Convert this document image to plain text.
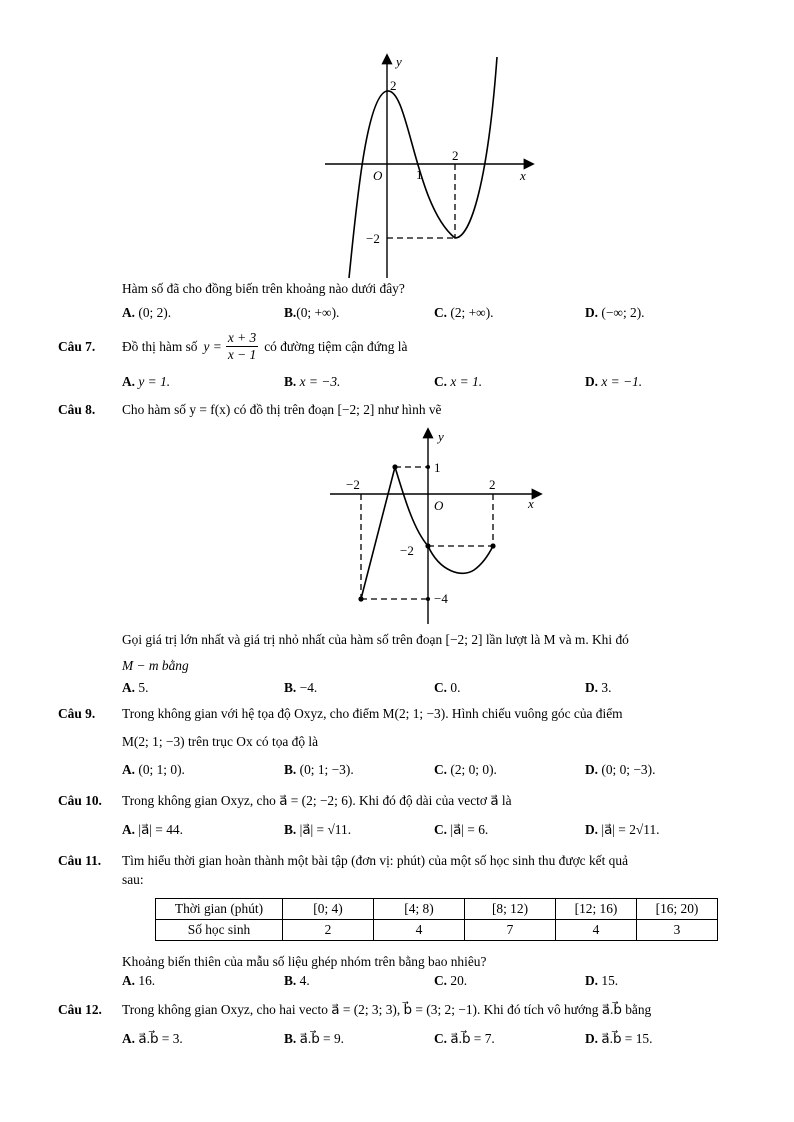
y
x
O	1
2
2
−2
Hàm số đã cho đồng biến trên khoảng nào dưới đây?
A. (0; 2).	B.(0; +∞).	C. (2; +∞).	D. (−∞; 2).
Câu 7. Đồ thị hàm số $y = \frac{x + 3}{x - 1}$ có đường tiệm cận đứng là
A. y = 1.	B. x = −3.	C. x = 1.	D. x = −1.
Câu 8. Cho hàm số y = f(x) có đồ thị trên đoạn [−2; 2] như hình vẽ
y
x
O
−2	2
1
−2
−4
Gọi giá trị lớn nhất và giá trị nhỏ nhất của hàm số trên đoạn [−2; 2] lần lượt là M và m. Khi đó
M − m bằng
A. 5.	B. −4.	C. 0.	D. 3.
Câu 9. Trong không gian với hệ tọa độ Oxyz, cho điểm M(2; 1; −3). Hình chiếu vuông góc của điểm
M(2; 1; −3) trên trục Ox có tọa độ là
A. (0; 1; 0).	B. (0; 1; −3).	C. (2; 0; 0).	D. (0; 0; −3).
Câu 10. Trong không gian Oxyz, cho a⃗ = (2; −2; 6). Khi đó độ dài của vectơ a⃗ là
A. |a⃗| = 44.	B. |a⃗| = √11.	C. |a⃗| = 6.	D. |a⃗| = 2√11.
Câu 11. Tìm hiểu thời gian hoàn thành một bài tập (đơn vị: phút) của một số học sinh thu được kết quả
sau:
Thời gian (phút)	[0; 4)	[4; 8)	[8; 12)	[12; 16)	[16; 20)
Số học sinh	2	4	7	4	3
Khoảng biến thiên của mẫu số liệu ghép nhóm trên bằng bao nhiêu?
A. 16.	B. 4.	C. 20.	D. 15.
Câu 12. Trong không gian Oxyz, cho hai vecto a⃗ = (2; 3; 3), b⃗ = (3; 2; −1). Khi đó tích vô hướng a⃗.b⃗ bằng
A. a⃗.b⃗ = 3.	B. a⃗.b⃗ = 9.	C. a⃗.b⃗ = 7.	D. a⃗.b⃗ = 15.
